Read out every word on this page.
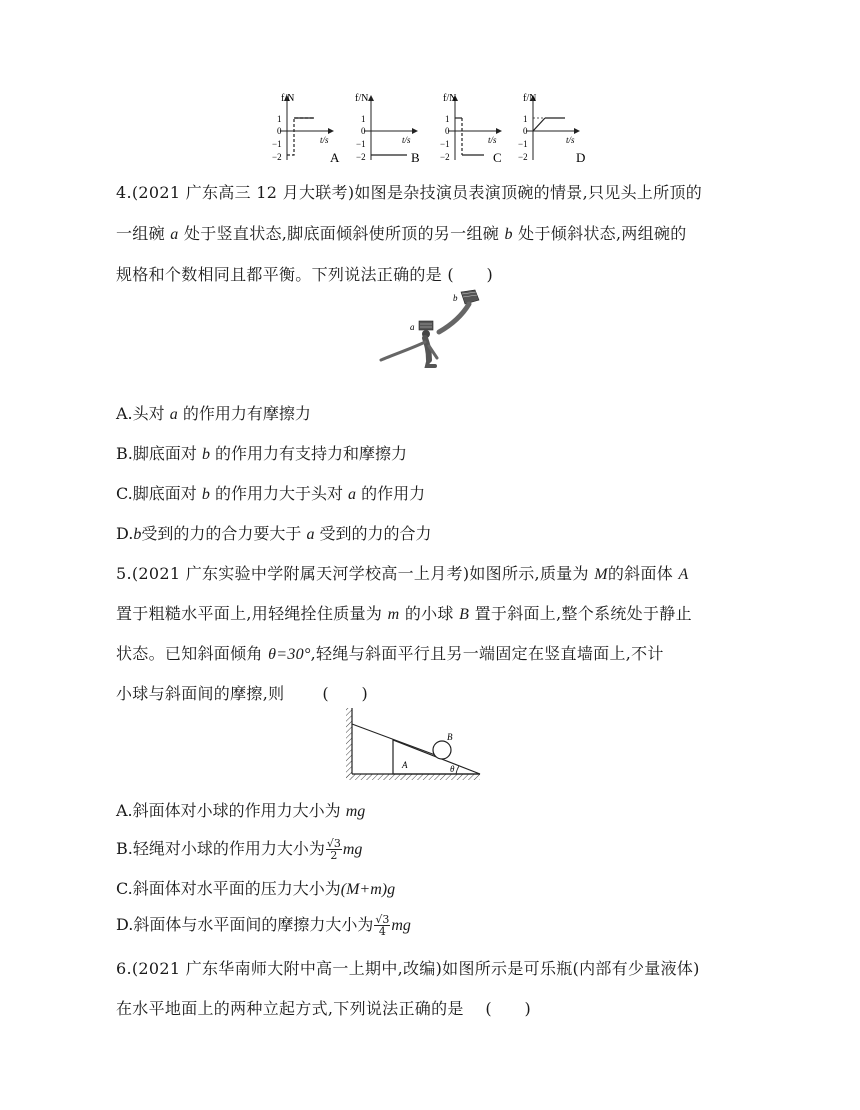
f/N
t/s
1
0
−1
−2	A
f/N
t/s
1
0
−1
−2	B
f/N
t/s
1
0
−1
−2	C
f/N
t/s
1
0
−1
−2	D
4.(2021 广东高三 12 月大联考)如图是杂技演员表演顶碗的情景,只见头上所顶的
一组碗 a 处于竖直状态,脚底面倾斜使所顶的另一组碗 b 处于倾斜状态,两组碗的
规格和个数相同且都平衡。下列说法正确的是 (　　)
b
a
A.头对 a 的作用力有摩擦力
B.脚底面对 b 的作用力有支持力和摩擦力
C.脚底面对 b 的作用力大于头对 a 的作用力
D.b受到的力的合力要大于 a 受到的力的合力
5.(2021 广东实验中学附属天河学校高一上月考)如图所示,质量为 M的斜面体 A
置于粗糙水平面上,用轻绳拴住质量为 m 的小球 B 置于斜面上,整个系统处于静止
状态。已知斜面倾角 θ=30°,轻绳与斜面平行且另一端固定在竖直墙面上,不计
小球与斜面间的摩擦,则　　 (　　)
B
A	θ
A.斜面体对小球的作用力大小为 mg
B.轻绳对小球的作用力大小为 $\frac{√3}{2}$ mg
C.斜面体对水平面的压力大小为(M+m)g
D.斜面体与水平面间的摩擦力大小为 $\frac{√3}{4}$ mg
6.(2021 广东华南师大附中高一上期中,改编)如图所示是可乐瓶(内部有少量液体)
在水平地面上的两种立起方式,下列说法正确的是　 (　　)
